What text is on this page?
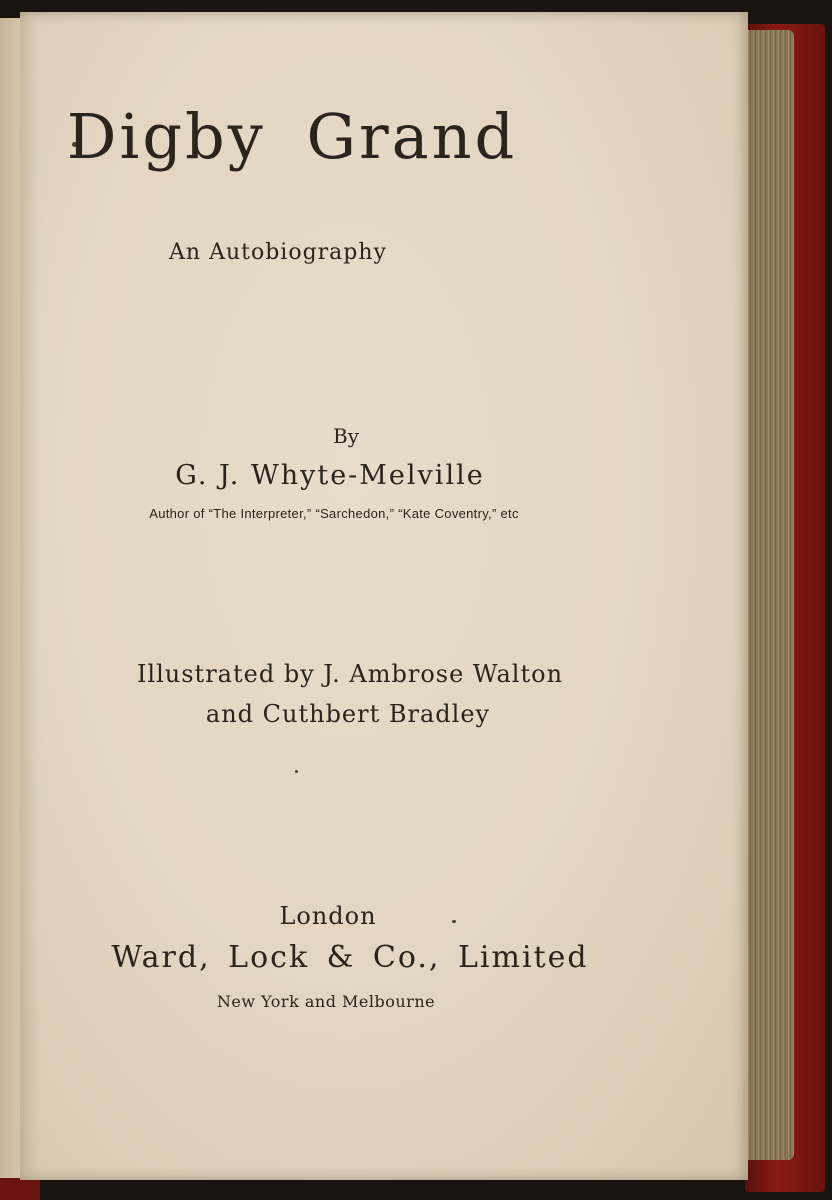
Digby Grand
An Autobiography
By
G. J. Whyte-Melville
Author of “The Interpreter,” “Sarchedon,” “Kate Coventry,” etc
Illustrated by J. Ambrose Walton
and Cuthbert Bradley
London
Ward, Lock & Co., Limited
New York and Melbourne
